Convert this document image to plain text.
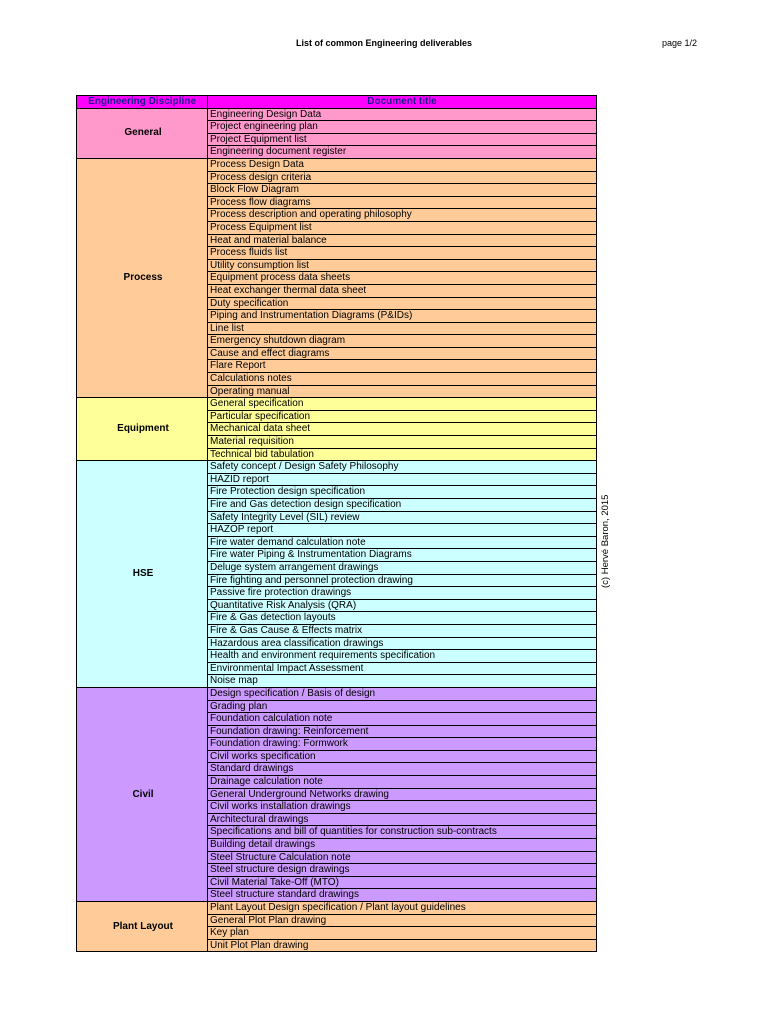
List of common Engineering deliverables	page 1/2
(c) Hervé Baron, 2015
Engineering Discipline	Document title
General	Engineering Design Data
	Project engineering plan
	Project Equipment list
	Engineering document register
Process	Process Design Data
	Process design criteria
	Block Flow Diagram
	Process flow diagrams
	Process description and operating philosophy
	Process Equipment list
	Heat and material balance
	Process fluids list
	Utility consumption list
	Equipment process data sheets
	Heat exchanger thermal data sheet
	Duty specification
	Piping and Instrumentation Diagrams (P&IDs)
	Line list
	Emergency shutdown diagram
	Cause and effect diagrams
	Flare Report
	Calculations notes
	Operating manual
Equipment	General specification
	Particular specification
	Mechanical data sheet
	Material requisition
	Technical bid tabulation
HSE	Safety concept / Design Safety Philosophy
	HAZID report
	Fire Protection design specification
	Fire and Gas detection design specification
	Safety Integrity Level (SIL) review
	HAZOP report
	Fire water demand calculation note
	Fire water Piping & Instrumentation Diagrams
	Deluge system arrangement drawings
	Fire fighting and personnel protection drawing
	Passive fire protection drawings
	Quantitative Risk Analysis (QRA)
	Fire & Gas detection layouts
	Fire & Gas Cause & Effects matrix
	Hazardous area classification drawings
	Health and environment requirements specification
	Environmental Impact Assessment
	Noise map
Civil	Design specification / Basis of design
	Grading plan
	Foundation calculation note
	Foundation drawing: Reinforcement
	Foundation drawing: Formwork
	Civil works specification
	Standard drawings
	Drainage calculation note
	General Underground Networks drawing
	Civil works installation drawings
	Architectural drawings
	Specifications and bill of quantities for construction sub-contracts
	Building detail drawings
	Steel Structure Calculation note
	Steel structure design drawings
	Civil Material Take-Off (MTO)
	Steel structure standard drawings
Plant Layout	Plant Layout Design specification / Plant layout guidelines
	General Plot Plan drawing
	Key plan
	Unit Plot Plan drawing
